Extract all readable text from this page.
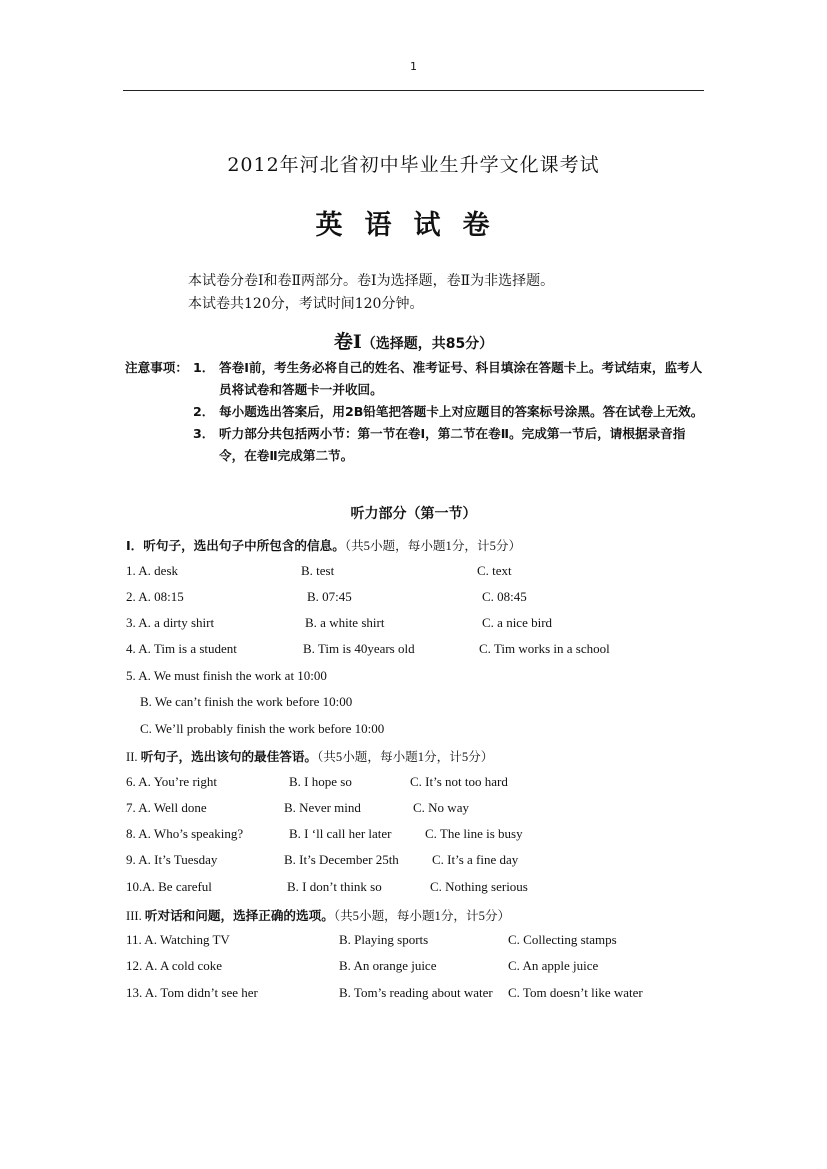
1
2012年河北省初中毕业生升学文化课考试
英语试卷
本试卷分卷Ⅰ和卷Ⅱ两部分。卷Ⅰ为选择题，卷Ⅱ为非选择题。
本试卷共120分，考试时间120分钟。
卷Ⅰ（选择题，共85分）
注意事项： 1． 答卷Ⅰ前，考生务必将自己的姓名、准考证号、科目填涂在答题卡上。考试结束，监考人员将试卷和答题卡一并收回。
2． 每小题选出答案后，用2B铅笔把答题卡上对应题目的答案标号涂黑。答在试卷上无效。
3． 听力部分共包括两小节：第一节在卷Ⅰ，第二节在卷Ⅱ。完成第一节后，请根据录音指令，在卷Ⅱ完成第二节。
听力部分（第一节）
Ⅰ．听句子，选出句子中所包含的信息。（共5小题，每小题1分，计5分）
1. A. desk	B. test	C. text
2. A. 08:15	B. 07:45	C. 08:45
3. A. a dirty shirt	B. a white shirt	C. a nice bird
4. A. Tim is a student	B. Tim is 40years old	C. Tim works in a school
5. A. We must finish the work at 10:00
B. We can’t finish the work before 10:00
C. We’ll probably finish the work before 10:00
II. 听句子，选出该句的最佳答语。（共5小题，每小题1分，计5分）
6. A. You’re right	B. I hope so	C. It’s not too hard
7. A. Well done	B. Never mind	C. No way
8. A. Who’s speaking?	B. I ‘ll call her later	C. The line is busy
9. A. It’s Tuesday	B. It’s December 25th	C. It’s a fine day
10.A. Be careful	B. I don’t think so	C. Nothing serious
III. 听对话和问题，选择正确的选项。（共5小题，每小题1分，计5分）
11. A. Watching TV	B. Playing sports	C. Collecting stamps
12. A. A cold coke	B. An orange juice	C. An apple juice
13. A. Tom didn’t see her	B. Tom’s reading about water C. Tom doesn’t like water
